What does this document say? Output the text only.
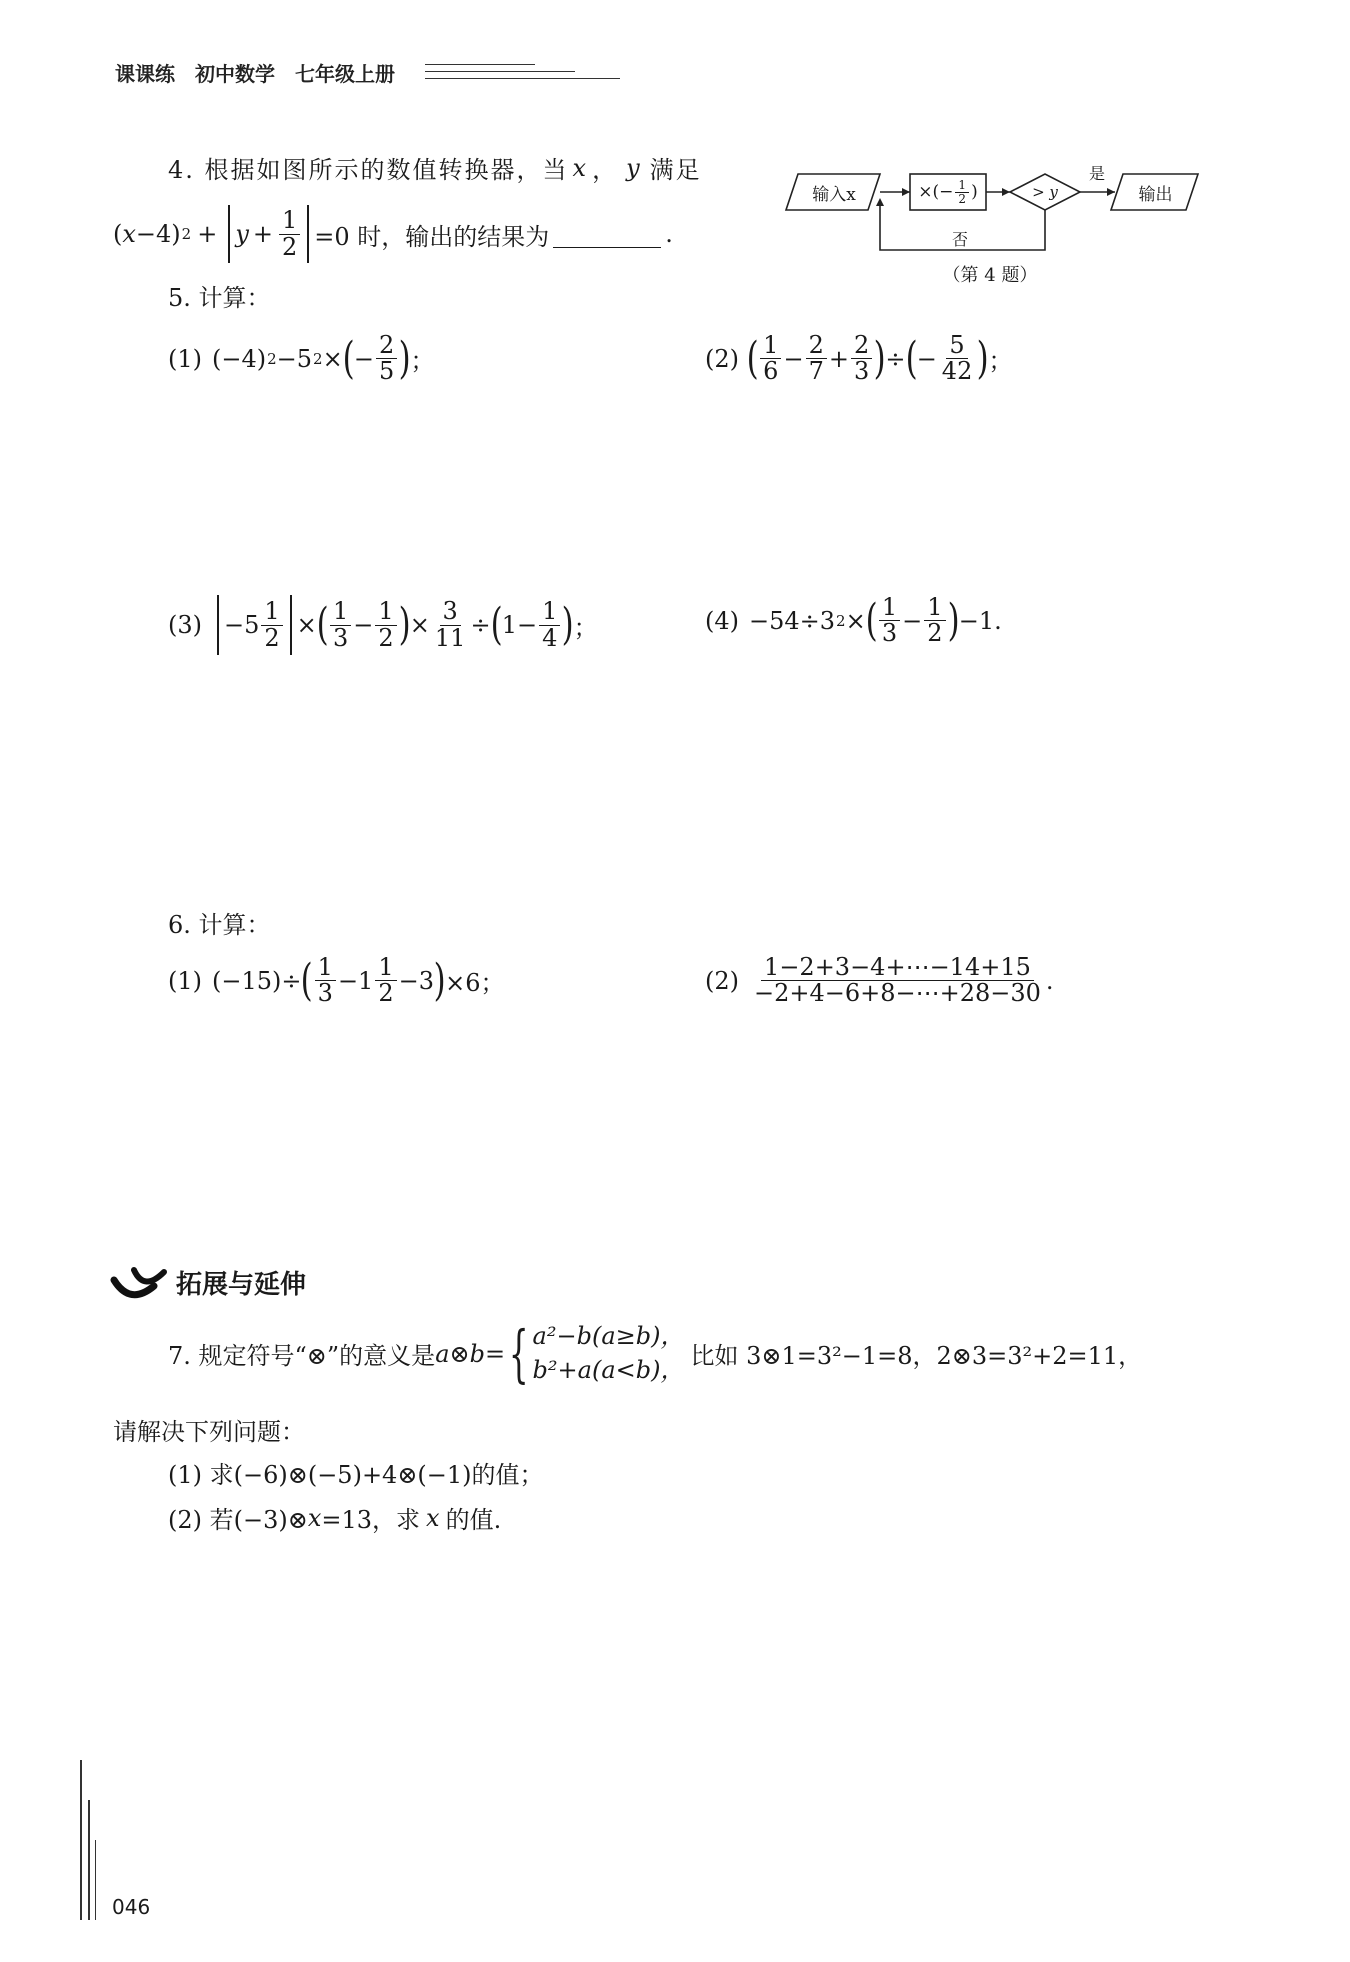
课课练　初中数学　七年级上册
4. 根据如图所示的数值转换器，当 x ， y 满足
( x −4) $2 + y + \frac{1}{2} =0$ 时，输出的结果为	.
输入x	×(− $\frac{1}{2}$ )	> y
是
输出
否
（第 4 题）
5. 计算：
(1) (−4) 2 −5 2 × ( − $\frac{2}{5}$ ) ；	(2) ( $\frac{1}{6} - \frac{2}{7} + \frac{2}{3}$ ) ÷ ( − $\frac{5}{42}$ ) ；
$(3) -5 \frac{1}{2}$ × ( $\frac{1}{3} - \frac{1}{2}$ ) × $\frac{3}{11}$ ÷ ( $1- \frac{1}{4}$ ) ；	(4) −54÷3 2 × ( $\frac{1}{3} - \frac{1}{2}$ ) −1.
6. 计算：
(1) (−15)÷ ( $\frac{1}{3} -1 \frac{1}{2} -3$ ) ×6；	$(2) \frac{1-2+3-4+\cdots-14+15}{-2+4-6+8-\cdots+28-30}$ .
拓展与延伸
7. 规定符号“⊗”的意义是 a ⊗ b = { a²−b(a≥b)，
b²+a(a<b)， 比如 3⊗1=3²−1=8，2⊗3=3²+2=11，
请解决下列问题：
(1) 求(−6)⊗(−5)+4⊗(−1)的值；
(2) 若(−3)⊗ x =13，求 x 的值.
046
